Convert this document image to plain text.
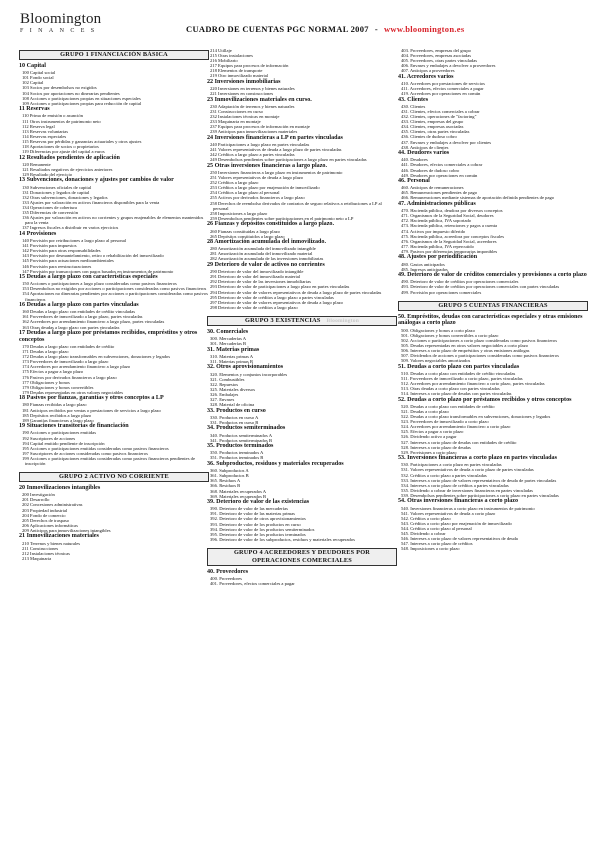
Bloomington
FINANCES	CUADRO DE CUENTAS PGC NORMAL 2007 - www.bloomington.es
GRUPO 1 FINANCIACIÓN BÁSICA
10 Capital
100 Capital social
101 Fondo social
102 Capital
103 Socios por desembolsos no exigidos
104 Socios por aportaciones no dinerarias pendientes
108 Acciones o participaciones propias en situaciones especiales
109 Acciones o participaciones propias para reducción de capital
11 Reservas
110 Prima de emisión o asunción
111 Otros instrumentos de patrimonio neto
112 Reserva legal
113 Reservas voluntarias
114 Reservas especiales
115 Reservas por pérdidas y ganancias actuariales y otros ajustes
118 Aportaciones de socios o propietarios
119 Diferencias por ajuste del capital a euros
12 Resultados pendientes de aplicación
120 Remanente
121 Resultados negativos de ejercicios anteriores
129 Resultado del ejercicio
13 Subvenciones, donaciones y ajustes por cambios de valor
130 Subvenciones oficiales de capital
131 Donaciones y legados de capital
132 Otras subvenciones, donaciones y legados
133 Ajustes por valoración en activos financieros disponibles para la venta
134 Operaciones de cobertura
135 Diferencias de conversión
136 Ajustes por valoración en activos no corrientes y grupos enajenables de elementos mantenidos para la venta
137 Ingresos fiscales a distribuir en varios ejercicios
14 Provisiones
140 Provisión por retribuciones a largo plazo al personal
141 Provisión para impuestos
142 Provisión para otras responsabilidades
143 Provisión por desmantelamiento, retiro o rehabilitación del inmovilizado
145 Provisión para actuaciones medioambientales
146 Provisión para reestructuraciones
147 Provisión por transacciones con pagos basados en instrumentos de patrimonio
15 Deudas a largo plazo con características especiales
150 Acciones o participaciones a largo plazo consideradas como pasivos financieros
153 Desembolsos no exigidos por acciones o participaciones consideradas como pasivos financieros
154 Aportaciones no dinerarias pendientes por acciones o participaciones consideradas como pasivos financieros
16 Deudas a largo plazo con partes vinculadas
160 Deudas a largo plazo con entidades de crédito vinculadas
161 Proveedores de inmovilizado a largo plazo, partes vinculadas
162 Acreedores por arrendamiento financiero a largo plazo, partes vinculadas
163 Otras deudas a largo plazo con partes vinculadas
17 Deudas a largo plazo por préstamos recibidos, empréstitos y otros conceptos
170 Deudas a largo plazo con entidades de crédito
171 Deudas a largo plazo
172 Deudas a largo plazo transformables en subvenciones, donaciones y legados
173 Proveedores de inmovilizado a largo plazo
174 Acreedores por arrendamiento financiero a largo plazo
175 Efectos a pagar a largo plazo
176 Pasivos por derivados financieros a largo plazo
177 Obligaciones y bonos
179 Obligaciones y bonos convertibles
179 Deudas representadas en otros valores negociables
18 Pasivos por fianzas, garantías y otros conceptos a LP
180 Fianzas recibidas a largo plazo
181 Anticipos recibidos por ventas o prestaciones de servicios a largo plazo
185 Depósitos recibidos a largo plazo
189 Garantías financieras a largo plazo
19 Situaciones transitorias de financiación
190 Acciones o participaciones emitidas
192 Suscriptores de acciones
194 Capital emitido pendiente de inscripción
195 Acciones o participaciones emitidas consideradas como pasivos financieros
197 Suscriptores de acciones consideradas como pasivos financieros
199 Acciones o participaciones emitidas consideradas como pasivos financieros pendientes de inscripción
GRUPO 2 ACTIVO NO CORRIENTE
20 Inmovilizaciones intangibles
200 Investigación
201 Desarrollo
202 Concesiones administrativas
203 Propiedad industrial
204 Fondo de comercio
205 Derechos de traspaso
206 Aplicaciones informáticas
209 Anticipos para inmovilizaciones intangibles
21 Inmovilizaciones materiales
210 Terrenos y bienes naturales
211 Construcciones
212 Instalaciones técnicas
213 Maquinaria
214 Utillaje
215 Otras instalaciones
216 Mobiliario
217 Equipos para procesos de información
218 Elementos de transporte
219 Otro inmovilizado material
22 Inversiones inmobiliarias
220 Inversiones en terrenos y bienes naturales
221 Inversiones en construcciones
23 Inmovilizaciones materiales en curso.
230 Adaptación de terrenos y bienes naturales
231 Construcciones en curso
232 Instalaciones técnicas en montaje
233 Maquinaria en montaje
237 Equipos para procesos de información en montaje
239 Anticipos para inmovilizaciones materiales
24 Inversiones financieras a LP en partes vinculadas
240 Participaciones a largo plazo en partes vinculadas
241 Valores representativos de deuda a largo plazo de partes vinculadas
242 Créditos a largo plazo a partes vinculadas
249 Desembolsos pendientes sobre participaciones a largo plazo en partes vinculadas
25 Otras inversiones financieras a largo plazo.
250 Inversiones financieras a largo plazo en instrumentos de patrimonio
251 Valores representativos de deuda a largo plazo
252 Créditos a largo plazo
253 Créditos a largo plazo por enajenación de inmovilizado
254 Créditos a largo plazo al personal
255 Activos por derivados financieros a largo plazo
258 Derechos de reembolso derivados de contratos de seguro relativos a retribuciones a LP al personal
258 Imposiciones a largo plazo
259 Desembolsos pendientes sobre participaciones en el patrimonio neto a LP
26 Fianzas y depósitos constituidos a largo plazo.
260 Fianzas constituidas a largo plazo
265 Depósitos constituidos a largo plazo
28 Amortización acumulada del inmovilizado.
280 Amortización acumulada del inmovilizado intangible
281 Amortización acumulada del inmovilizado material
282 Amortización acumulada de las inversiones inmobiliarias
29 Deterioro de valor de activos no corrientes
290 Deterioro de valor del inmovilizado intangible
291 Deterioro de valor del inmovilizado material
292 Deterioro de valor de las inversiones inmobiliarias
293 Deterioro de valor de participaciones a largo plazo en partes vinculadas
294 Deterioro de valor de valores representativos de deuda a largo plazo de partes vinculadas
295 Deterioro de valor de créditos a largo plazo a partes vinculadas
297 Deterioro de valor de valores representativos de deuda a largo plazo
298 Deterioro de valor de créditos a largo plazo
GRUPO 3 EXISTENCIAS Bloomington
30. Comerciales
300. Mercaderías A
301. Mercaderías B
31. Materias primas
310. Materias primas A
311. Materias primas B
32. Otros aprovisionamientos
320. Elementos y conjuntos incorporables
321. Combustibles
322. Repuestos
325. Materiales diversos
326. Embalajes
327. Envases
328. Material de oficina
33. Productos en curso
330. Productos en curso A
331. Productos en curso B
34. Productos semiterminados
340. Productos semiterminados A
341. Productos semiterminados B
35. Productos terminados
350. Productos terminados A
351. Productos terminados B
36. Subproductos, residuos y materiales recuperados
360. Subproductos A
361. Subproductos B
365. Residuos A
366. Residuos B
368. Materiales recuperados A
369. Materiales recuperados B
39. Deterioro de valor de las existencias
390. Deterioro de valor de las mercaderías
391. Deterioro de valor de las materias primas
392. Deterioro de valor de otros aprovisionamientos
393. Deterioro de valor de los productos en curso
394. Deterioro de valor de los productos semiterminados
395. Deterioro de valor de los productos terminados
396. Deterioro de valor de los subproductos, residuos y materiales recuperados
GRUPO 4 ACREEDORES Y DEUDORES POR OPERACIONES COMERCIALES
40. Proveedores
400. Proveedores
401. Proveedores, efectos comerciales a pagar
403. Proveedores, empresas del grupo
404. Proveedores, empresas asociadas
405. Proveedores, otras partes vinculadas
406. Envases y embalajes a devolver a proveedores
407. Anticipos a proveedores
41. Acreedores varios
410. Acreedores por prestaciones de servicios
411. Acreedores, efectos comerciales a pagar
419. Acreedores por operaciones en común
43. Clientes
430. Clientes
431. Clientes, efectos comerciales a cobrar
432. Clientes, operaciones de "factoring"
433. Clientes, empresas del grupo
434. Clientes, empresas asociadas
435. Clientes, otras partes vinculadas
436. Clientes de dudoso cobro
437. Envases y embalajes a devolver por clientes
438. Anticipos de clientes
44. Deudores varios
440. Deudores
441. Deudores, efectos comerciales a cobrar
446. Deudores de dudoso cobro
449. Deudores por operaciones en común
46. Personal
460. Anticipos de remuneraciones
465. Remuneraciones pendientes de pago
466. Remuneraciones mediante sistemas de aportación definida pendientes de pago
47. Administraciones públicas
470. Hacienda pública, deudora por diversos conceptos
471. Organismos de la Seguridad Social, deudores
472. Hacienda pública, IVA soportado
473. Hacienda pública, retenciones y pagos a cuenta
474. Activos por impuesto diferido
475. Hacienda pública, acreedora por conceptos fiscales
476. Organismos de la Seguridad Social, acreedores
477. Hacienda pública, IVA repercutido
479. Pasivos por diferencias temporarias imponibles
48. Ajustes por periodificación
480. Gastos anticipados
485. Ingresos anticipados
49. Deterioro de valor de créditos comerciales y provisiones a corto plazo
490. Deterioro de valor de créditos por operaciones comerciales
493. Deterioro de valor de créditos por operaciones comerciales con partes vinculadas
499. Provisión por operaciones comerciales
GRUPO 5 CUENTAS FINANCIERAS
50. Empréstitos, deudas con características especiales y otras emisiones análogas a corto plazo
500. Obligaciones y bonos a corto plazo
501. Obligaciones y bonos convertibles a corto plazo
502. Acciones o participaciones a corto plazo consideradas como pasivos financieros
505. Deudas representadas en otros valores negociables a corto plazo
506. Intereses a corto plazo de empréstitos y otras emisiones análogas
507. Dividendos de acciones o participaciones consideradas como pasivos financieros
509. Valores negociables amortizados
51. Deudas a corto plazo con partes vinculadas
510. Deudas a corto plazo con entidades de crédito vinculadas
511. Proveedores de inmovilizado a corto plazo, partes vinculadas
512. Acreedores por arrendamiento financiero a corto plazo, partes vinculadas
513. Otras deudas a corto plazo con partes vinculadas
514. Intereses a corto plazo de deudas con partes vinculadas
52. Deudas a corto plazo por préstamos recibidos y otros conceptos
520. Deudas a corto plazo con entidades de crédito
521. Deudas a corto plazo
522. Deudas a corto plazo transformables en subvenciones, donaciones y legados
523. Proveedores de inmovilizado a corto plazo
524. Acreedores por arrendamiento financiero a corto plazo
525. Efectos a pagar a corto plazo
526. Dividendo activo a pagar
527. Intereses a corto plazo de deudas con entidades de crédito
528. Intereses a corto plazo de deudas
529. Provisiones a corto plazo
53. Inversiones financieras a corto plazo en partes vinculadas
530. Participaciones a corto plazo en partes vinculadas
531. Valores representativos de deuda a corto plazo de partes vinculadas
532. Créditos a corto plazo a partes vinculadas
533. Intereses a corto plazo de valores representativos de deuda de partes vinculadas
534. Intereses a corto plazo de créditos a partes vinculadas
535. Dividendo a cobrar de inversiones financieras en partes vinculadas
539. Desembolsos pendientes sobre participaciones a corto plazo en partes vinculadas
54. Otras inversiones financieras a corto plazo
540. Inversiones financieras a corto plazo en instrumentos de patrimonio
541. Valores representativos de deuda a corto plazo
542. Créditos a corto plazo
543. Créditos a corto plazo por enajenación de inmovilizado
544. Créditos a corto plazo al personal
545. Dividendo a cobrar
546. Intereses a corto plazo de valores representativos de deuda
547. Intereses a corto plazo de créditos
548. Imposiciones a corto plazo
